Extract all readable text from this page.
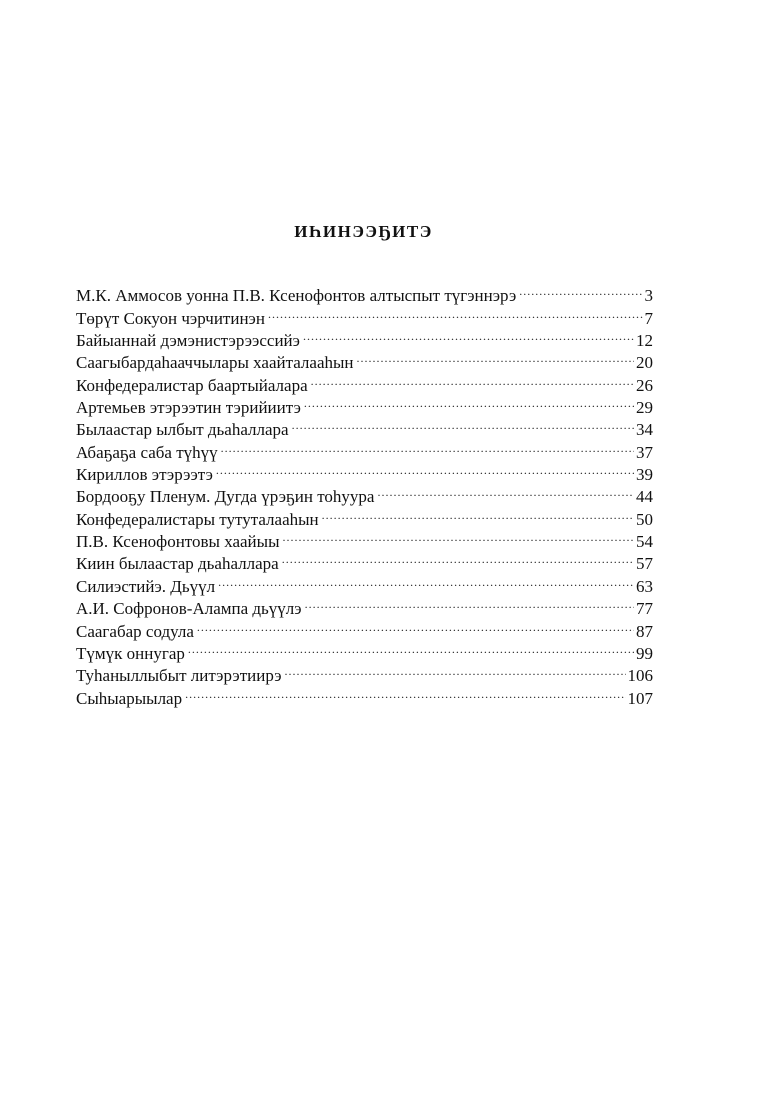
ИҺИНЭЭҔИТЭ
М.К. Аммосов уонна П.В. Ксенофонтов алтыспыт түгэннэрэ .....	3
Төрүт Сокуон чэрчитинэн .....	7
Байыаннай дэмэнистэрээссийэ .....	12
Саагыбардаһааччылары хаайталааһын .....	20
Конфедералистар баартыйалара .....	26
Артемьев этэрээтин тэрийиитэ .....	29
Былаастар ылбыт дьаһаллара .....	34
Абаҕаҕа саба түһүү .....	37
Кириллов этэрээтэ .....	39
Бордооҕу Пленум. Дугда үрэҕин тоһуура .....	44
Конфедералистары тутуталааһын .....	50
П.В. Ксенофонтовы хаайыы .....	54
Киин былаастар дьаһаллара .....	57
Силиэстийэ. Дьүүл .....	63
А.И. Софронов-Алампа дьүүлэ .....	77
Саагабар содула .....	87
Түмүк оннугар .....	99
Туһаныллыбыт литэрэтиирэ .....	106
Сыһыарыылар .....	107
